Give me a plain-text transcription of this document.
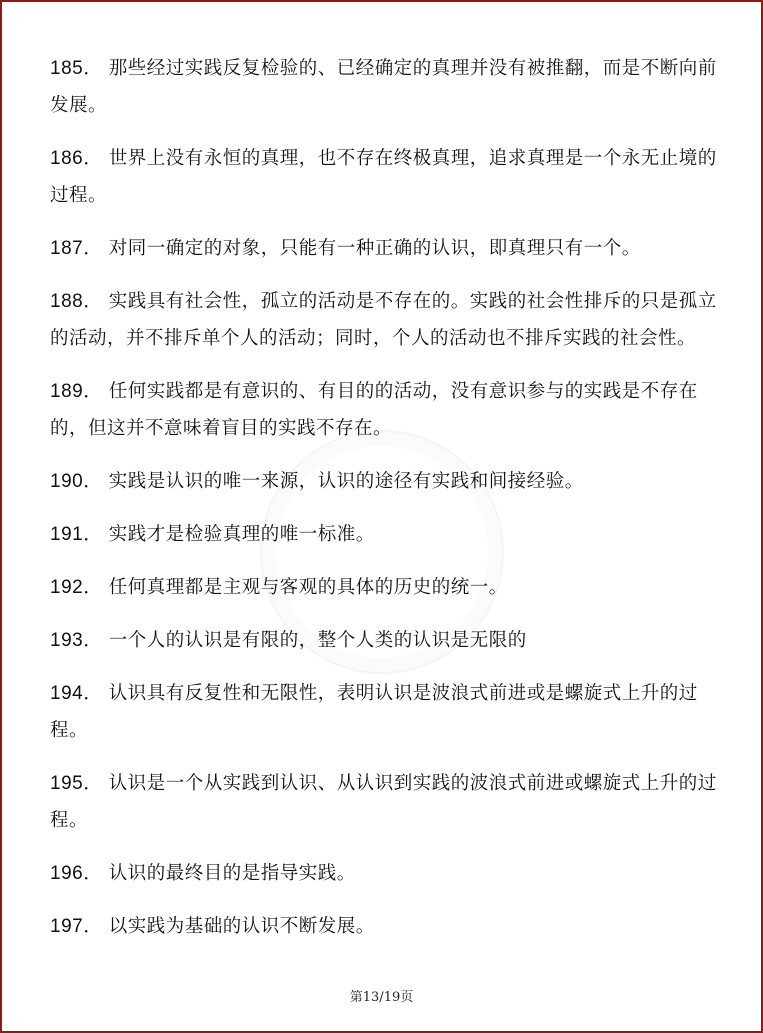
185． 那些经过实践反复检验的、已经确定的真理并没有被推翻，而是不断向前发展。
186． 世界上没有永恒的真理，也不存在终极真理，追求真理是一个永无止境的过程。
187． 对同一确定的对象，只能有一种正确的认识，即真理只有一个。
188． 实践具有社会性，孤立的活动是不存在的。实践的社会性排斥的只是孤立的活动，并不排斥单个人的活动；同时，个人的活动也不排斥实践的社会性。
189． 任何实践都是有意识的、有目的的活动，没有意识参与的实践是不存在的，但这并不意味着盲目的实践不存在。
190． 实践是认识的唯一来源，认识的途径有实践和间接经验。
191． 实践才是检验真理的唯一标准。
192． 任何真理都是主观与客观的具体的历史的统一。
193． 一个人的认识是有限的，整个人类的认识是无限的
194． 认识具有反复性和无限性，表明认识是波浪式前进或是螺旋式上升的过程。
195． 认识是一个从实践到认识、从认识到实践的波浪式前进或螺旋式上升的过程。
196． 认识的最终目的是指导实践。
197． 以实践为基础的认识不断发展。
第13/19页
